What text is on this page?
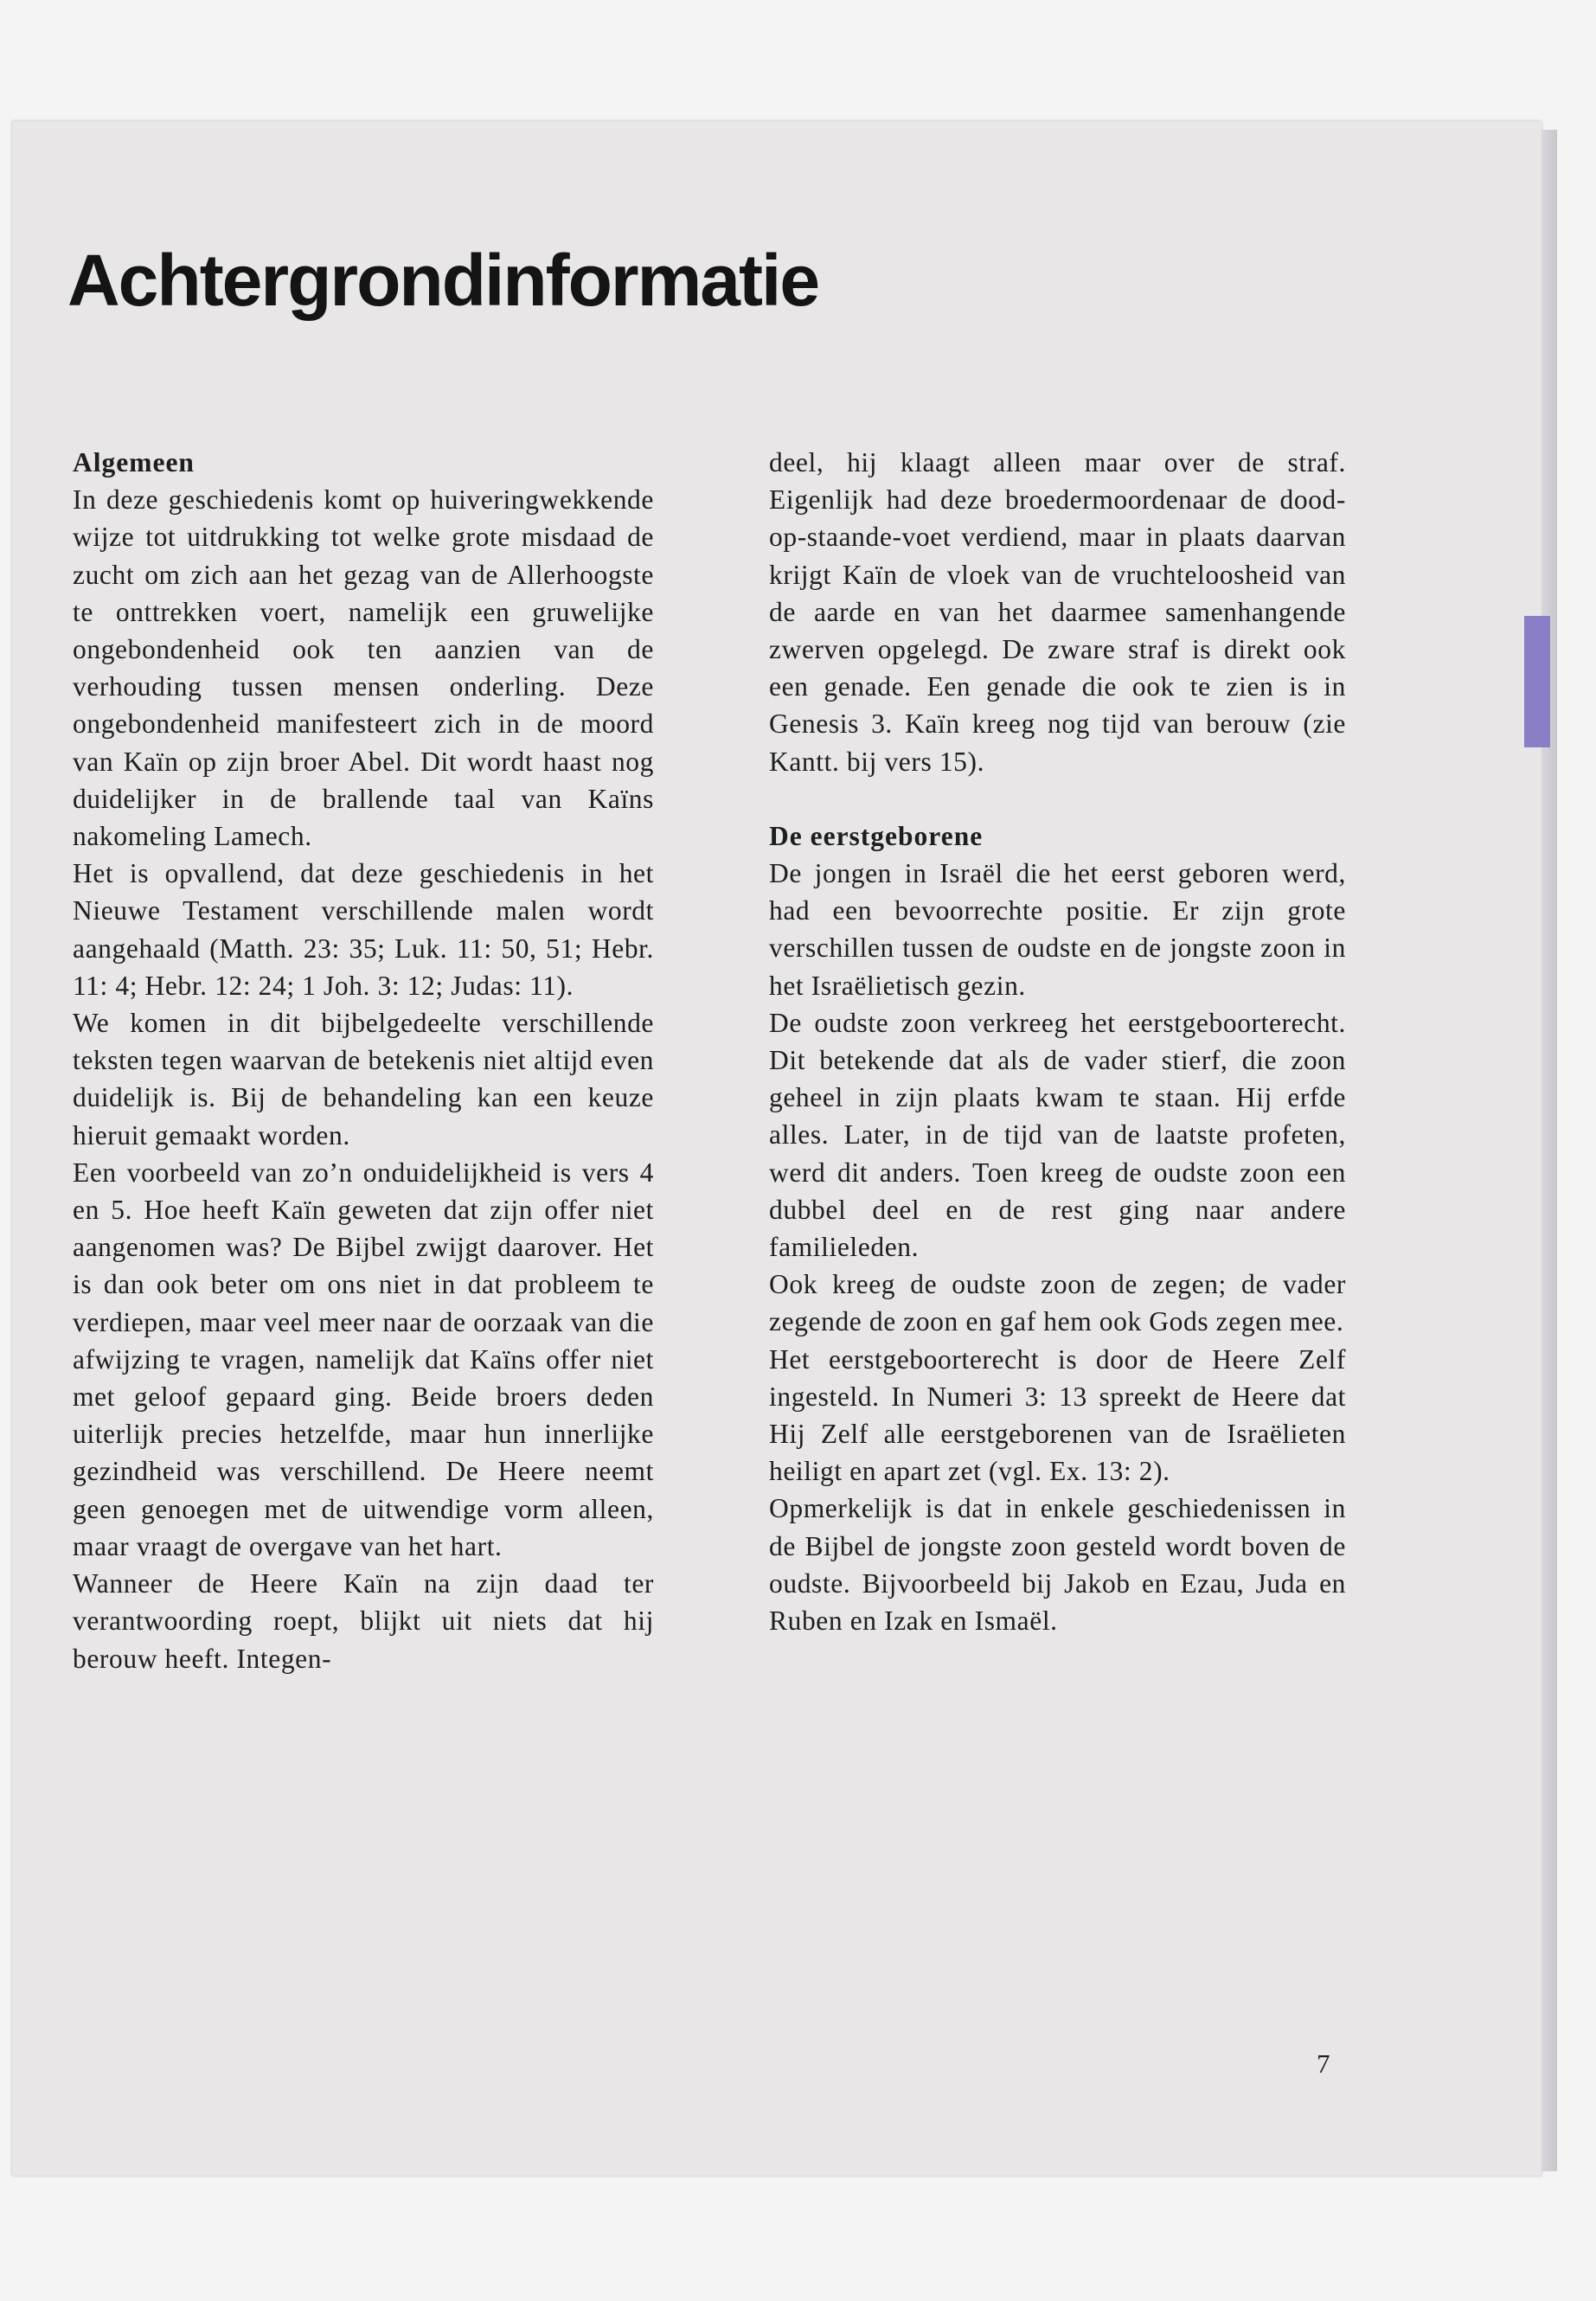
Achtergrondinformatie

Algemeen

In deze geschiedenis komt op huiveringwekkende wijze tot uitdrukking tot welke grote misdaad de zucht om zich aan het gezag van de Allerhoogste te onttrekken voert, namelijk een gruwelijke ongebondenheid ook ten aanzien van de verhouding tussen mensen onderling. Deze ongebondenheid manifesteert zich in de moord van Kaïn op zijn broer Abel. Dit wordt haast nog duidelijker in de brallende taal van Kaïns nakomeling Lamech.

Het is opvallend, dat deze geschiedenis in het Nieuwe Testament verschillende malen wordt aangehaald (Matth. 23: 35; Luk. 11: 50, 51; Hebr. 11: 4; Hebr. 12: 24; 1 Joh. 3: 12; Judas: 11).

We komen in dit bijbelgedeelte verschillende teksten tegen waarvan de betekenis niet altijd even duidelijk is. Bij de behandeling kan een keuze hieruit gemaakt worden.

Een voorbeeld van zo’n onduidelijkheid is vers 4 en 5. Hoe heeft Kaïn geweten dat zijn offer niet aangenomen was? De Bijbel zwijgt daarover. Het is dan ook beter om ons niet in dat probleem te verdiepen, maar veel meer naar de oorzaak van die afwijzing te vragen, namelijk dat Kaïns offer niet met geloof gepaard ging. Beide broers deden uiterlijk precies hetzelfde, maar hun innerlijke gezindheid was verschillend. De Heere neemt geen genoegen met de uitwendige vorm alleen, maar vraagt de overgave van het hart.

Wanneer de Heere Kaïn na zijn daad ter verantwoording roept, blijkt uit niets dat hij berouw heeft. Integen-

deel, hij klaagt alleen maar over de straf. Eigenlijk had deze broedermoordenaar de dood-op-staande-voet verdiend, maar in plaats daarvan krijgt Kaïn de vloek van de vruchteloosheid van de aarde en van het daarmee samenhangende zwerven opgelegd. De zware straf is direkt ook een genade. Een genade die ook te zien is in Genesis 3. Kaïn kreeg nog tijd van berouw (zie Kantt. bij vers 15).

De eerstgeborene

De jongen in Israël die het eerst geboren werd, had een bevoorrechte positie. Er zijn grote verschillen tussen de oudste en de jongste zoon in het Israëlietisch gezin.

De oudste zoon verkreeg het eerstgeboorterecht. Dit betekende dat als de vader stierf, die zoon geheel in zijn plaats kwam te staan. Hij erfde alles. Later, in de tijd van de laatste profeten, werd dit anders. Toen kreeg de oudste zoon een dubbel deel en de rest ging naar andere familieleden.

Ook kreeg de oudste zoon de zegen; de vader zegende de zoon en gaf hem ook Gods zegen mee.

Het eerstgeboorterecht is door de Heere Zelf ingesteld. In Numeri 3: 13 spreekt de Heere dat Hij Zelf alle eerstgeborenen van de Israëlieten heiligt en apart zet (vgl. Ex. 13: 2).

Opmerkelijk is dat in enkele geschiedenissen in de Bijbel de jongste zoon gesteld wordt boven de oudste. Bijvoorbeeld bij Jakob en Ezau, Juda en Ruben en Izak en Ismaël.

7
